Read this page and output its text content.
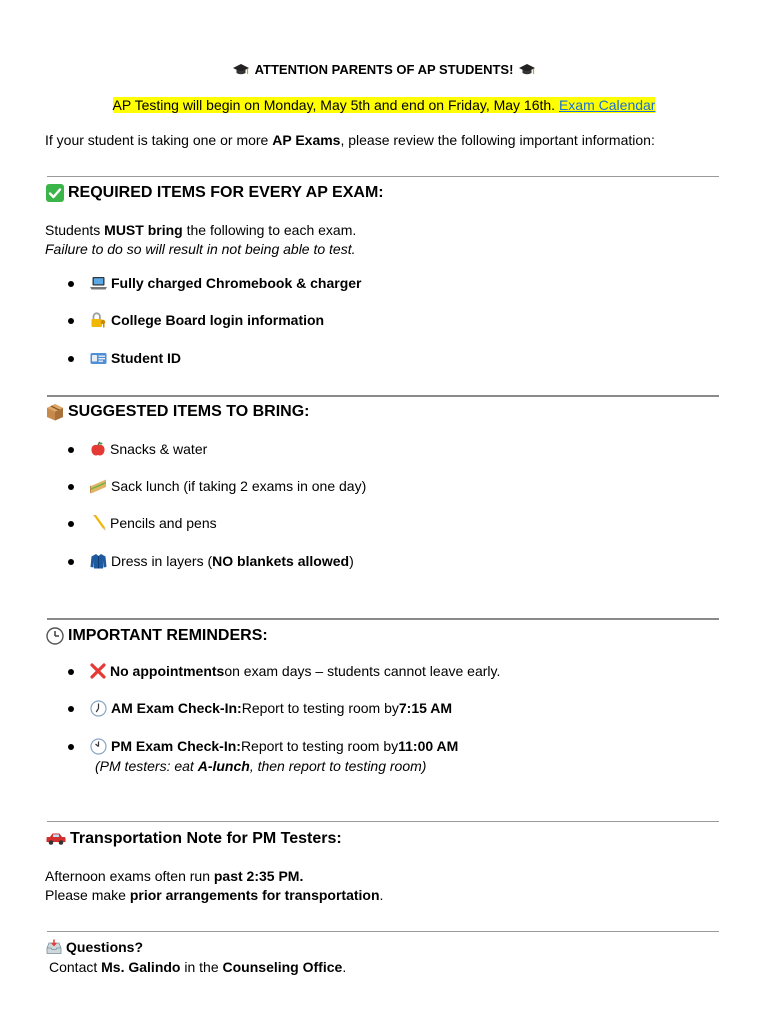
ATTENTION PARENTS OF AP STUDENTS!
AP Testing will begin on Monday, May 5th and end on Friday, May 16th. Exam Calendar
If your student is taking one or more AP Exams, please review the following important information:
REQUIRED ITEMS FOR EVERY AP EXAM:
Students MUST bring the following to each exam.
Failure to do so will result in not being able to test.
Fully charged Chromebook & charger
College Board login information
Student ID
SUGGESTED ITEMS TO BRING:
Snacks & water
Sack lunch (if taking 2 exams in one day)
Pencils and pens
Dress in layers ( NO blankets allowed )
IMPORTANT REMINDERS:
No appointments on exam days – students cannot leave early.
AM Exam Check-In: Report to testing room by 7:15 AM
PM Exam Check-In: Report to testing room by 11:00 AM
(PM testers: eat A-lunch, then report to testing room)
Transportation Note for PM Testers:
Afternoon exams often run past 2:35 PM.
Please make prior arrangements for transportation.
Questions?
Contact Ms. Galindo in the Counseling Office.
